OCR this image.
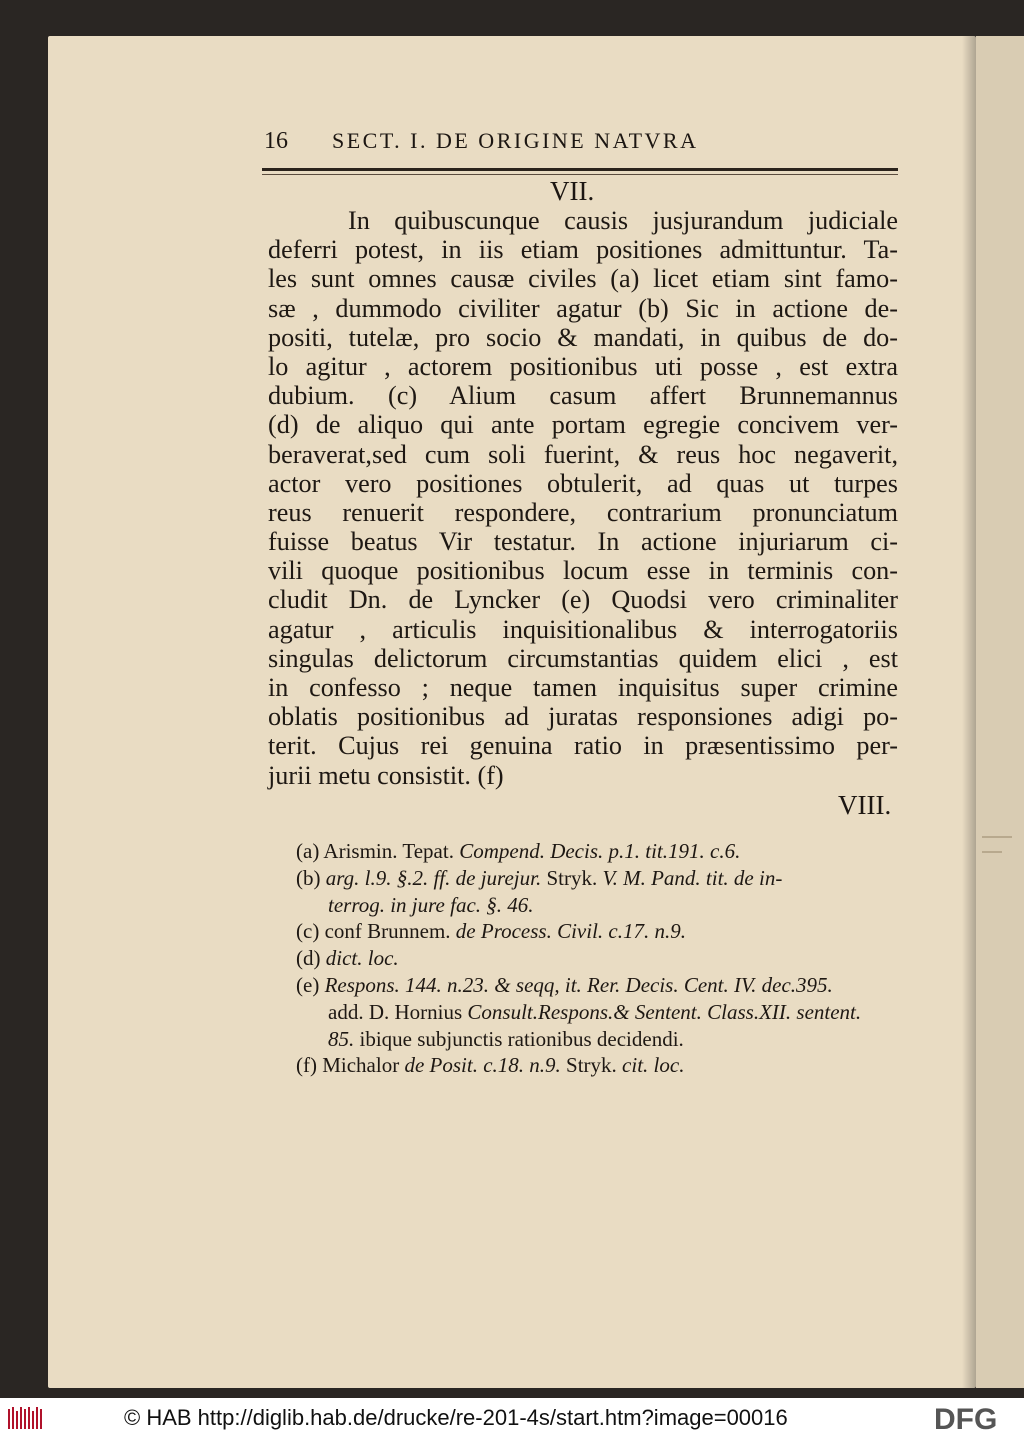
16 SECT. I. DE ORIGINE NATVRA
VII.
In quibuscunque causis jusjurandum judiciale
deferri potest, in iis etiam positiones admittuntur. Ta-
les sunt omnes causæ civiles (a) licet etiam sint famo-
sæ , dummodo civiliter agatur (b) Sic in actione de-
positi, tutelæ, pro socio & mandati, in quibus de do-
lo agitur , actorem positionibus uti posse , est extra
dubium. (c) Alium casum affert Brunnemannus
(d) de aliquo qui ante portam egregie concivem ver-
beraverat,sed cum soli fuerint, & reus hoc negaverit,
actor vero positiones obtulerit, ad quas ut turpes
reus renuerit respondere, contrarium pronunciatum
fuisse beatus Vir testatur. In actione injuriarum ci-
vili quoque positionibus locum esse in terminis con-
cludit Dn. de Lyncker (e) Quodsi vero criminaliter
agatur , articulis inquisitionalibus & interrogatoriis
singulas delictorum circumstantias quidem elici , est
in confesso ; neque tamen inquisitus super crimine
oblatis positionibus ad juratas responsiones adigi po-
terit. Cujus rei genuina ratio in præsentissimo per-
jurii metu consistit. (f)
VIII.
(a) Arismin. Tepat. Compend. Decis. p.1. tit.191. c.6.
(b) arg. l.9. §.2. ff. de jurejur. Stryk. V. M. Pand. tit. de in-
terrog. in jure fac. §. 46.
(c) conf Brunnem. de Process. Civil. c.17. n.9.
(d) dict. loc.
(e) Respons. 144. n.23. & seqq, it. Rer. Decis. Cent. IV. dec.395.
add. D. Hornius Consult.Respons.& Sentent. Class.XII. sentent.
85. ibique subjunctis rationibus decidendi.
(f) Michalor de Posit. c.18. n.9. Stryk. cit. loc.
© HAB http://diglib.hab.de/drucke/re-201-4s/start.htm?image=00016	DFG
